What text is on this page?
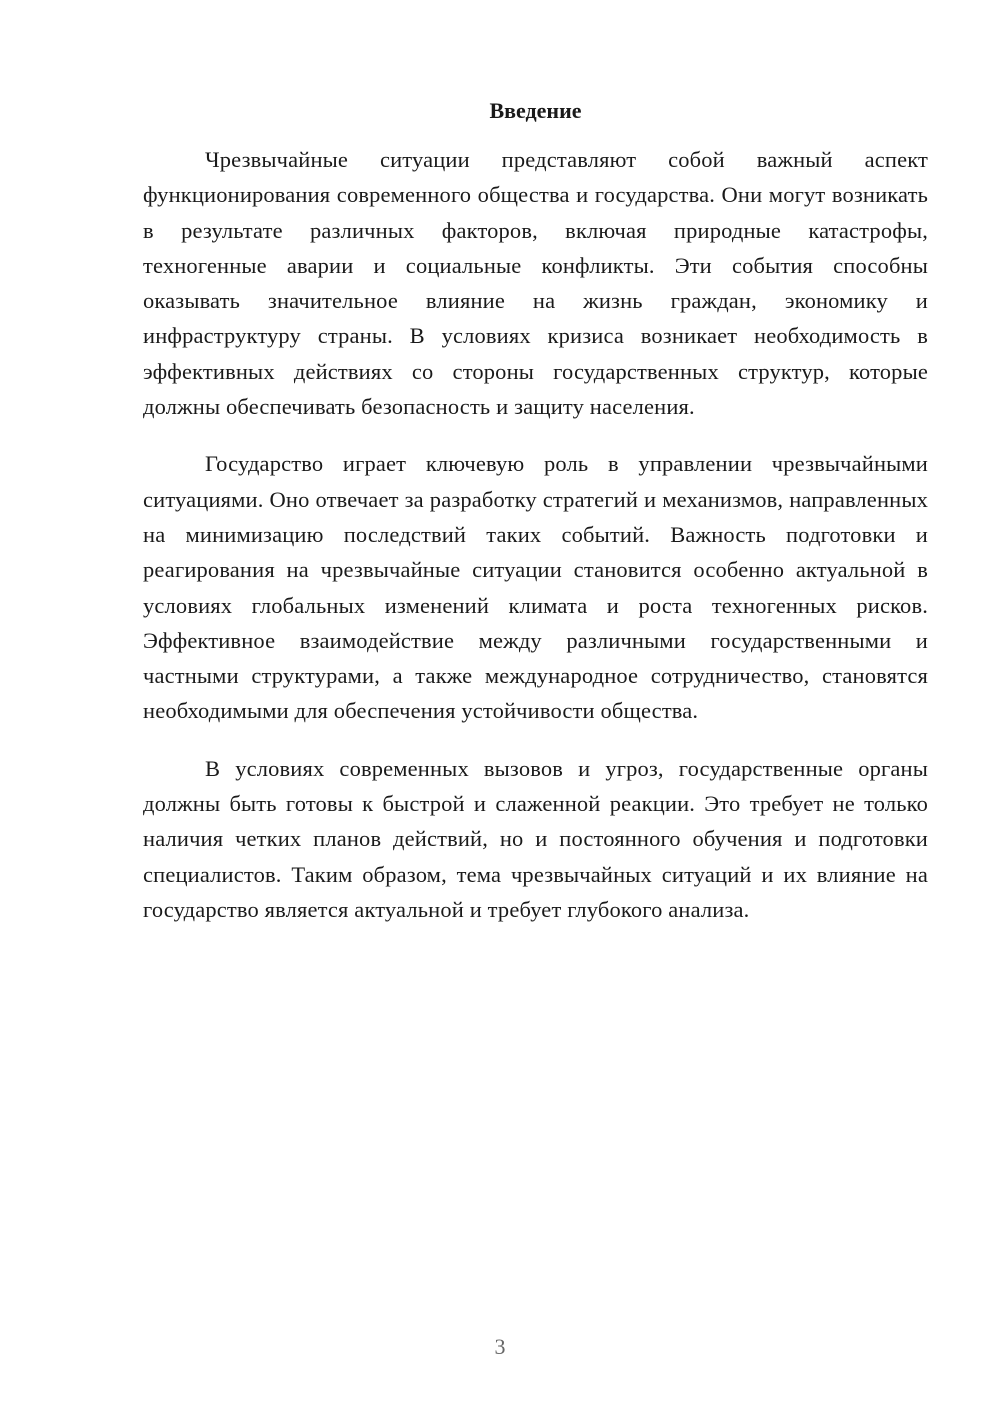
Введение

Чрезвычайные ситуации представляют собой важный аспект функционирования современного общества и государства. Они могут возникать в результате различных факторов, включая природные катастрофы, техногенные аварии и социальные конфликты. Эти события способны оказывать значительное влияние на жизнь граждан, экономику и инфраструктуру страны. В условиях кризиса возникает необходимость в эффективных действиях со стороны государственных структур, которые должны обеспечивать безопасность и защиту населения.

Государство играет ключевую роль в управлении чрезвычайными ситуациями. Оно отвечает за разработку стратегий и механизмов, направленных на минимизацию последствий таких событий. Важность подготовки и реагирования на чрезвычайные ситуации становится особенно актуальной в условиях глобальных изменений климата и роста техногенных рисков. Эффективное взаимодействие между различными государственными и частными структурами, а также международное сотрудничество, становятся необходимыми для обеспечения устойчивости общества.

В условиях современных вызовов и угроз, государственные органы должны быть готовы к быстрой и слаженной реакции. Это требует не только наличия четких планов действий, но и постоянного обучения и подготовки специалистов. Таким образом, тема чрезвычайных ситуаций и их влияние на государство является актуальной и требует глубокого анализа.

3
